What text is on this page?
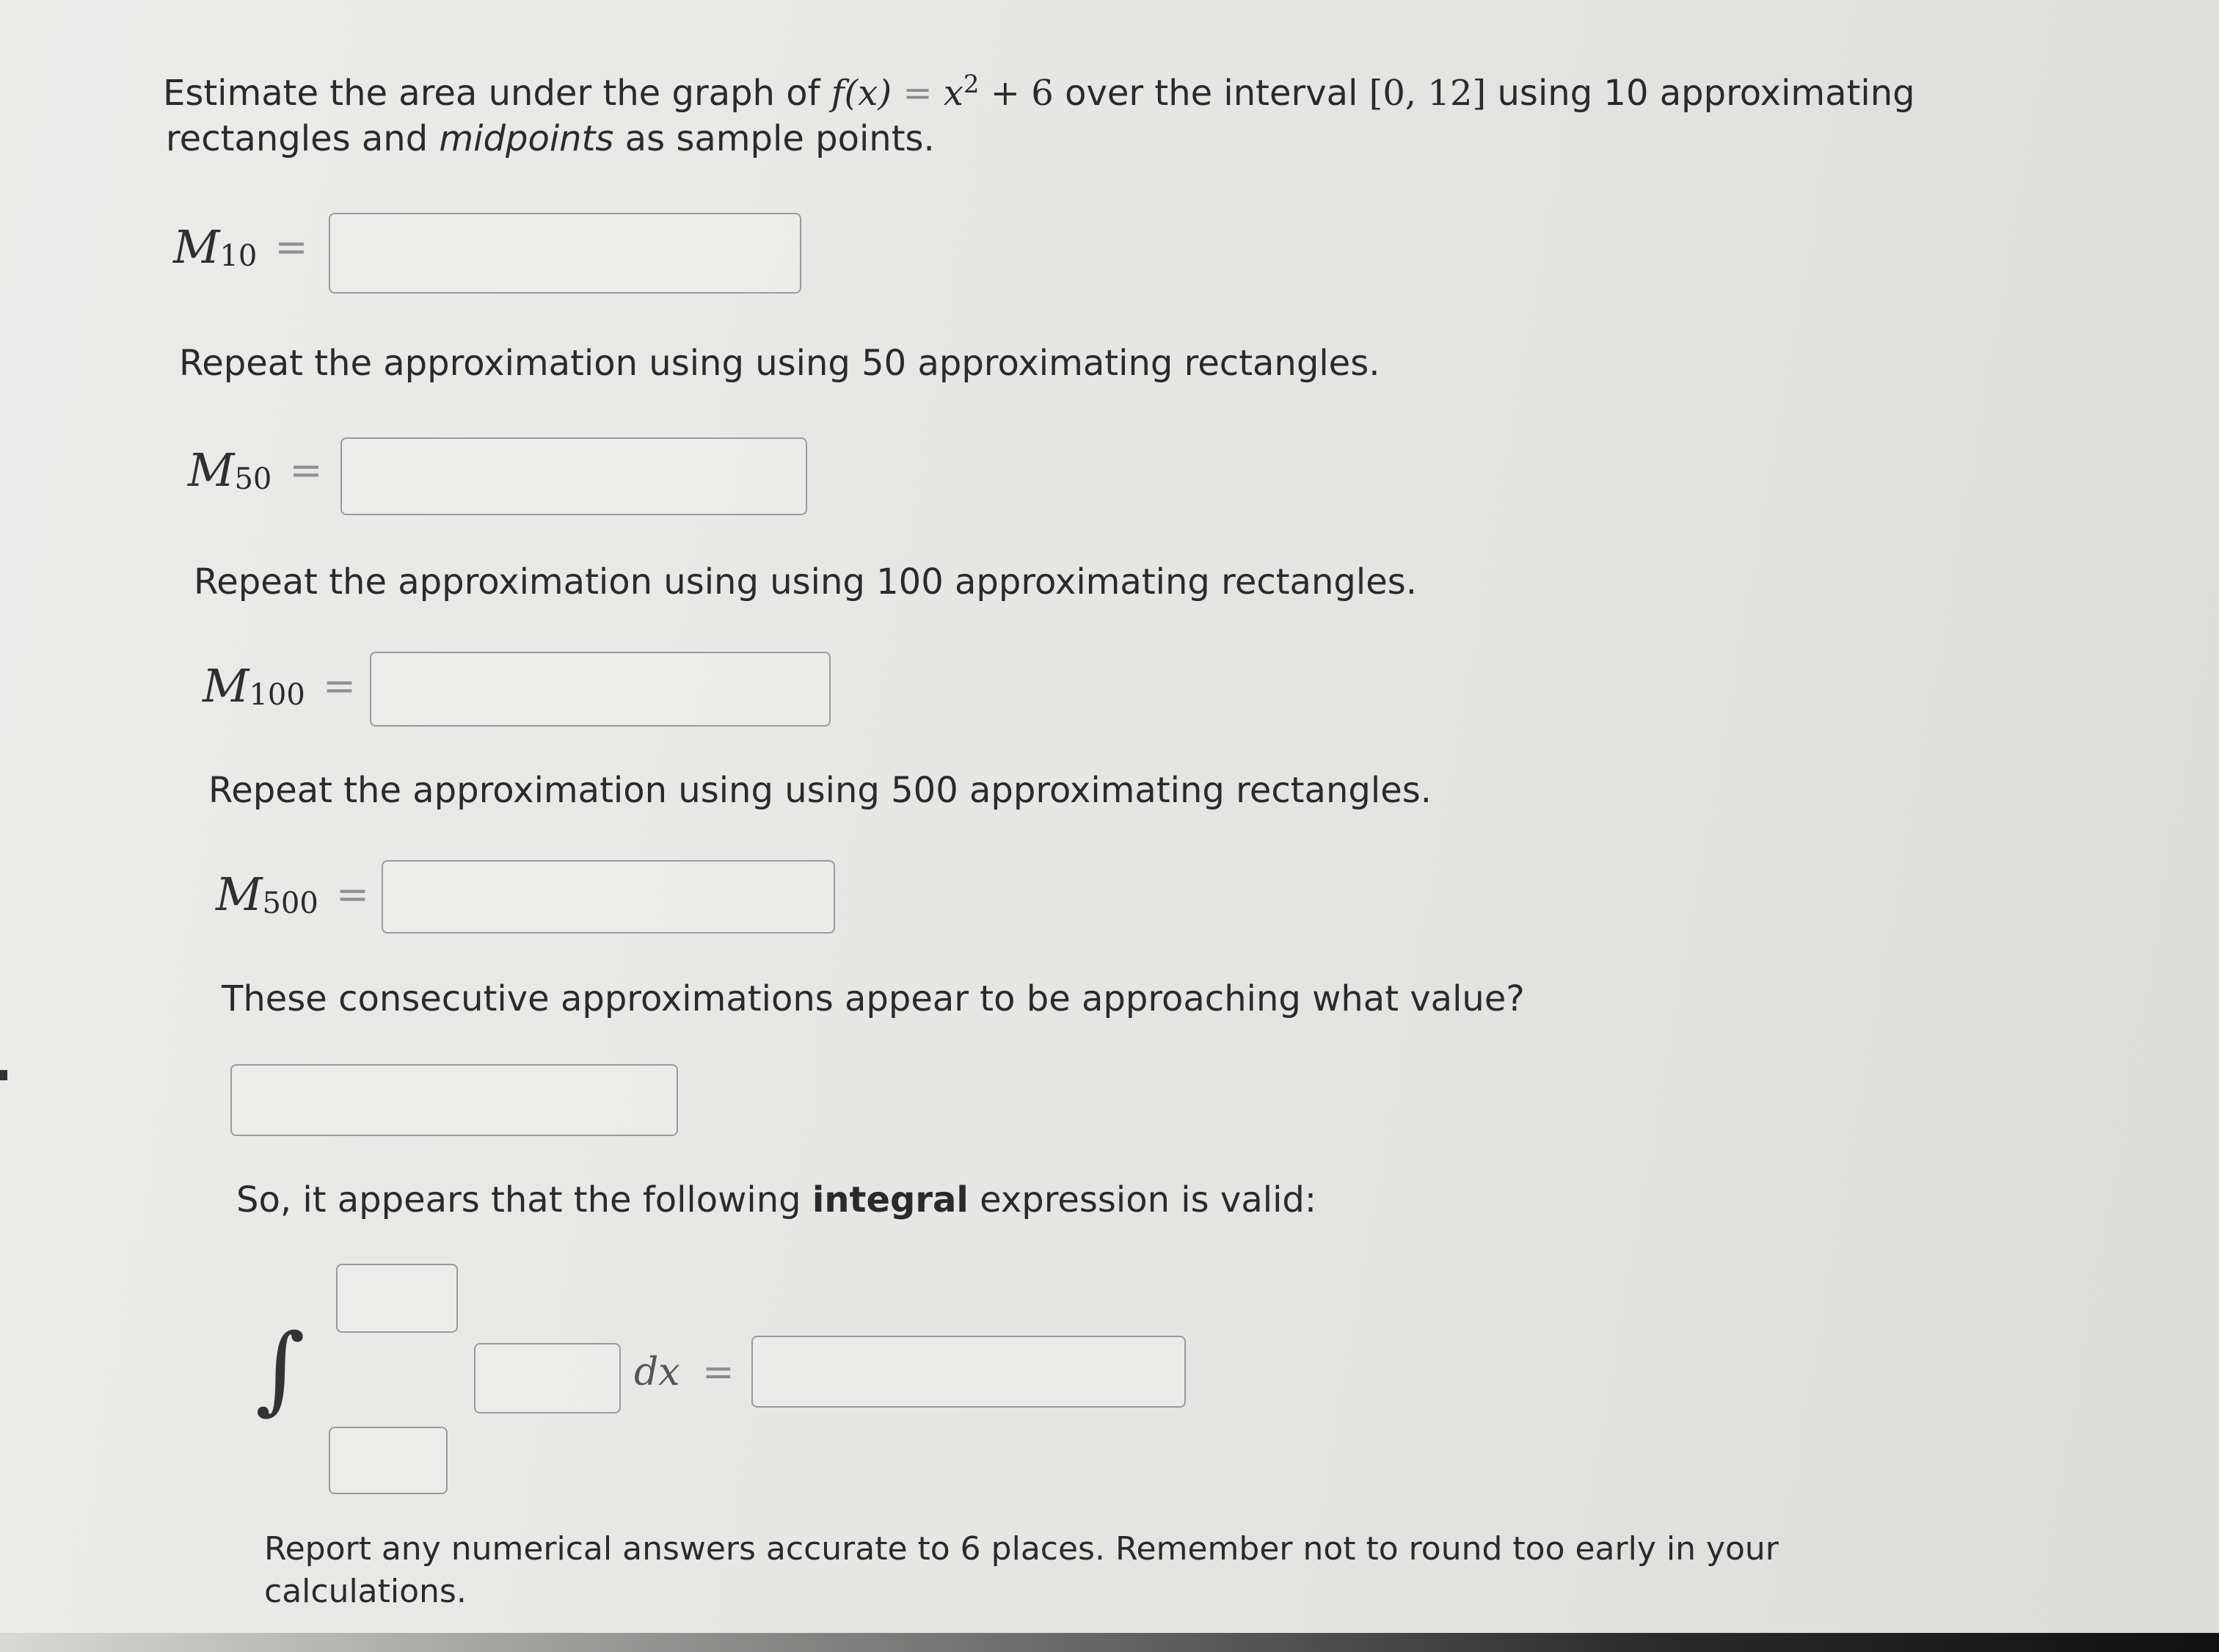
Estimate the area under the graph of $f(x) = x^2 + 6$ over the interval [0, 12] using 10 approximating
rectangles and midpoints as sample points.
M 10 =
Repeat the approximation using using 50 approximating rectangles.
M 50 =
Repeat the approximation using using 100 approximating rectangles.
M 100 =
Repeat the approximation using using 500 approximating rectangles.
M 500 =
These consecutive approximations appear to be approaching what value?
So, it appears that the following integral expression is valid:
∫	dx =
Report any numerical answers accurate to 6 places. Remember not to round too early in your
calculations.
